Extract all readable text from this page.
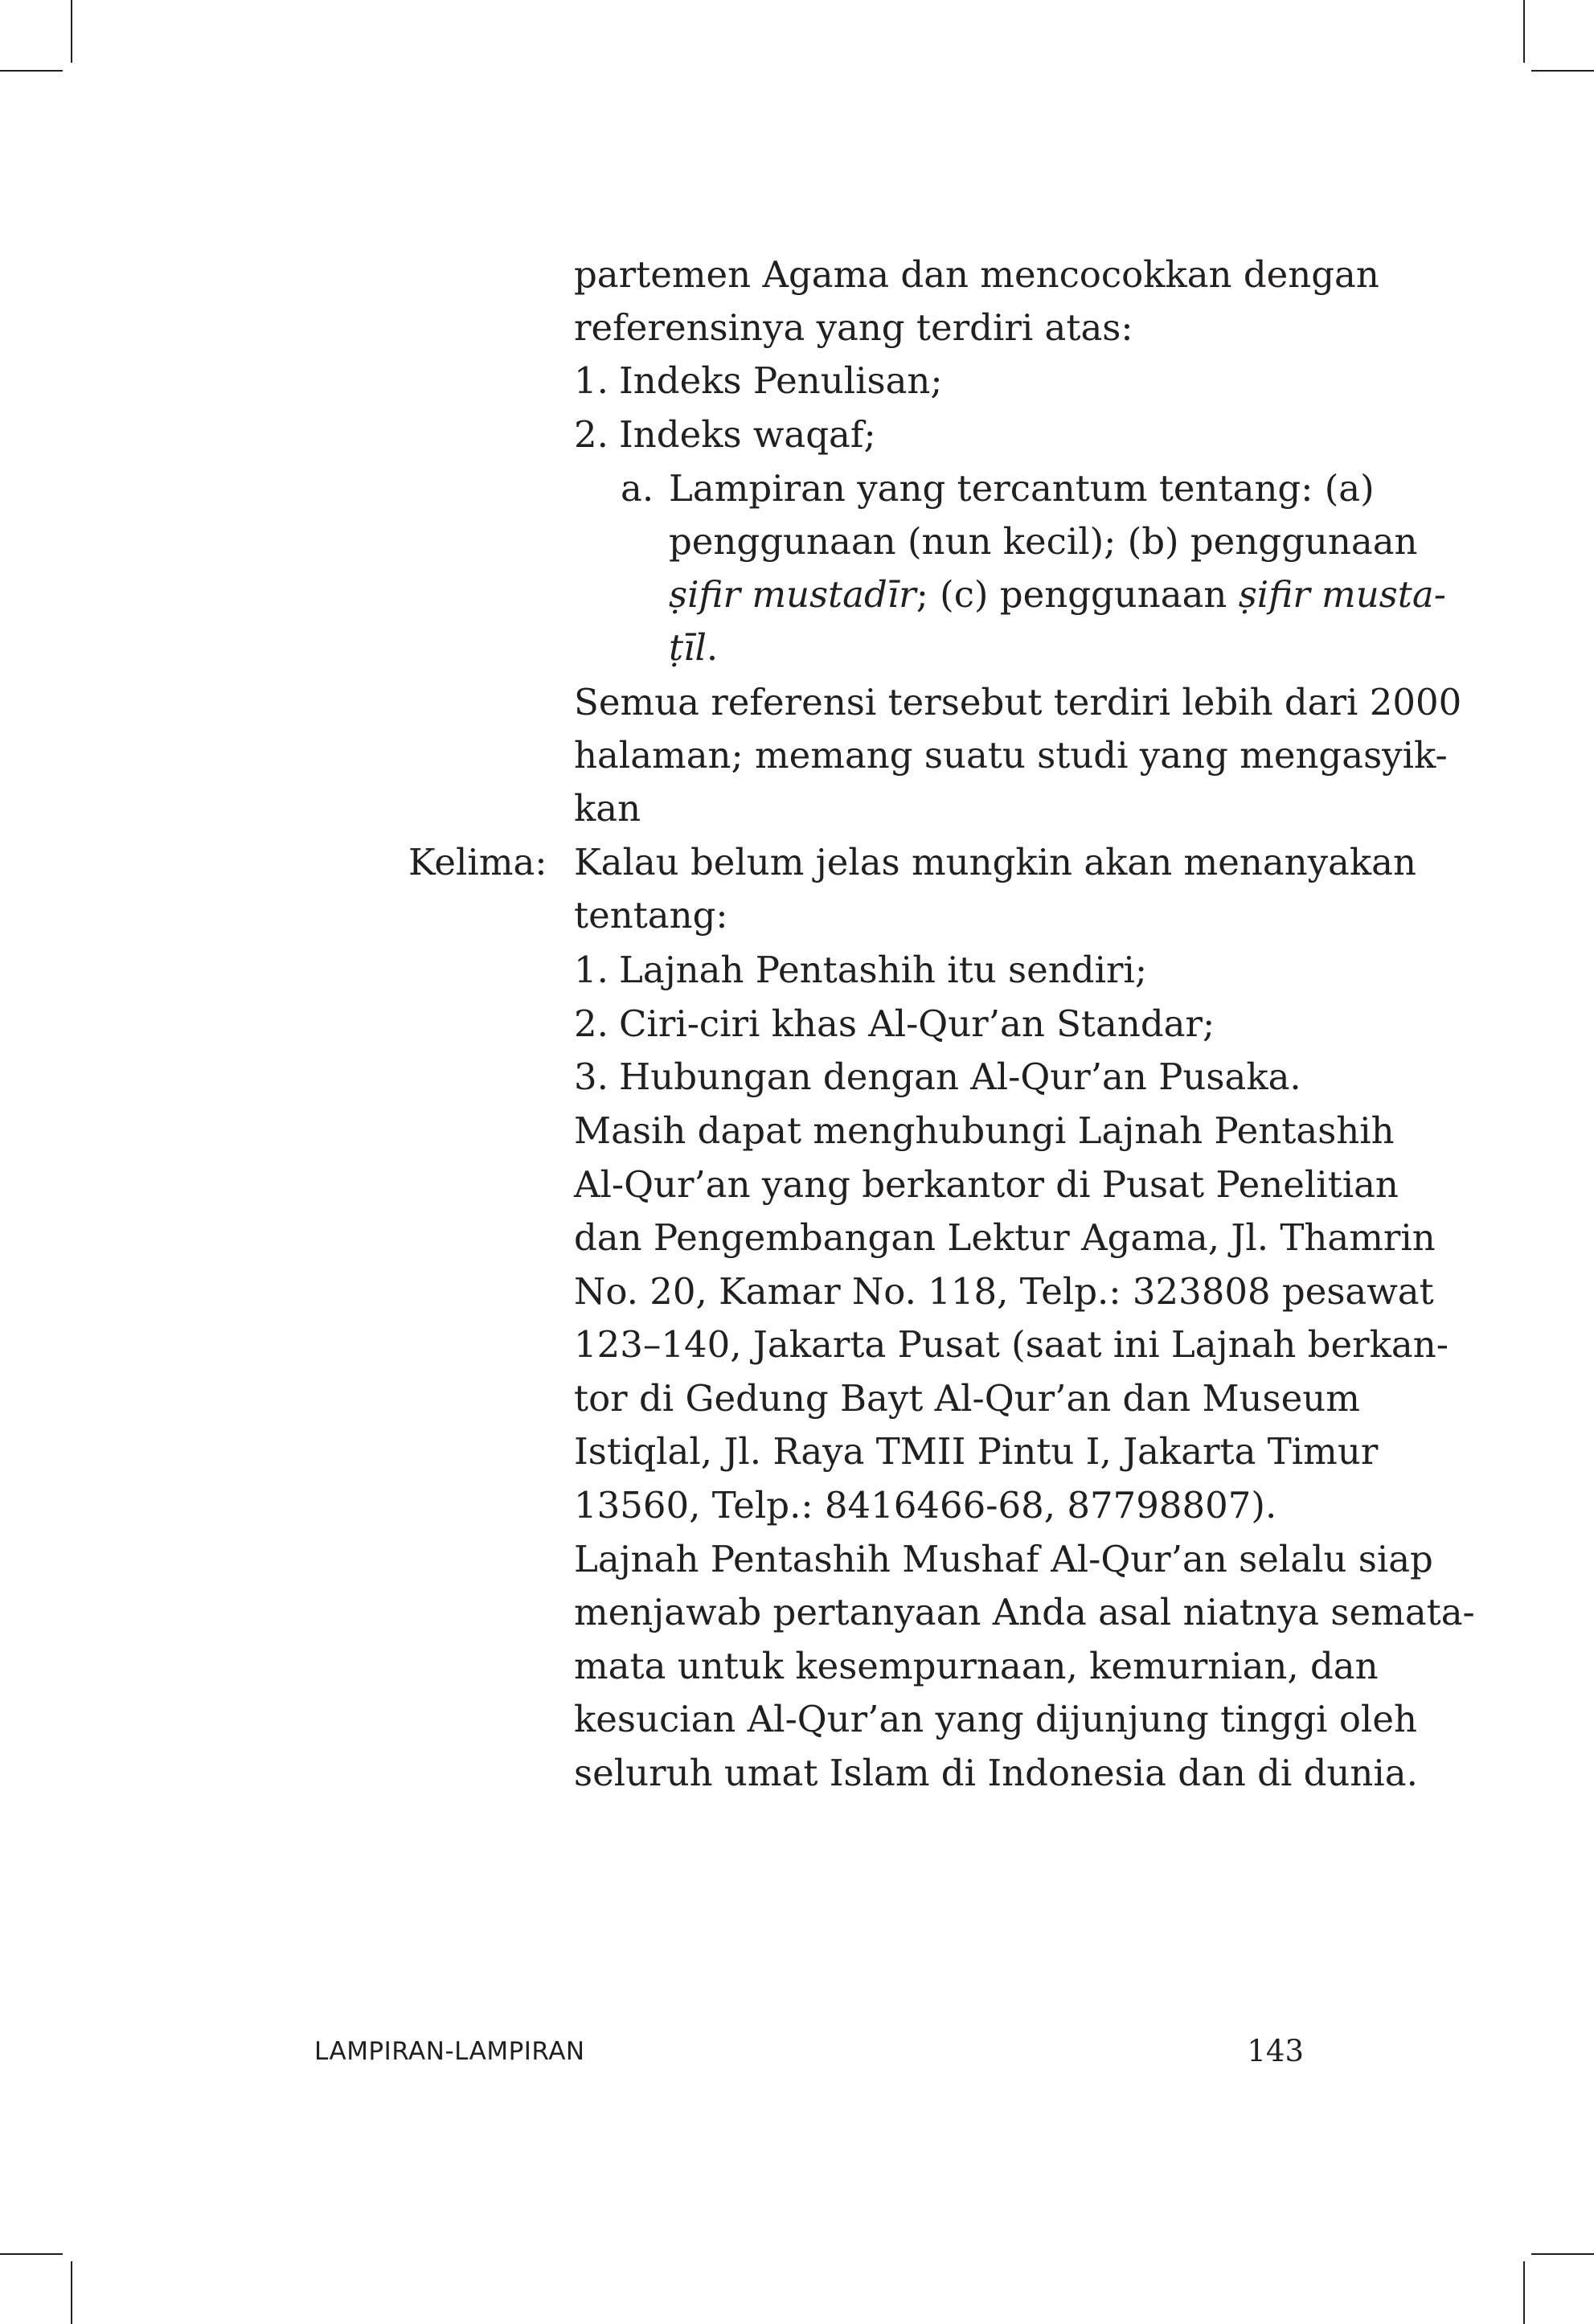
partemen Agama dan mencocokkan dengan
referensinya yang terdiri atas:
1. Indeks Penulisan;
2. Indeks waqaf;
a. Lampiran yang tercantum tentang: (a)
penggunaan (nun kecil); (b) penggunaan
ṣifir mustadīr; (c) penggunaan ṣifir musta-
ṭīl.
Semua referensi tersebut terdiri lebih dari 2000
halaman; memang suatu studi yang mengasyik-
kan
Kelima: Kalau belum jelas mungkin akan menanyakan
tentang:
1. Lajnah Pentashih itu sendiri;
2. Ciri-ciri khas Al-Qur’an Standar;
3. Hubungan dengan Al-Qur’an Pusaka.
Masih dapat menghubungi Lajnah Pentashih
Al-Qur’an yang berkantor di Pusat Penelitian
dan Pengembangan Lektur Agama, Jl. Thamrin
No. 20, Kamar No. 118, Telp.: 323808 pesawat
123–140, Jakarta Pusat (saat ini Lajnah berkan-
tor di Gedung Bayt Al-Qur’an dan Museum
Istiqlal, Jl. Raya TMII Pintu I, Jakarta Timur
13560, Telp.: 8416466-68, 87798807).
Lajnah Pentashih Mushaf Al-Qur’an selalu siap
menjawab pertanyaan Anda asal niatnya semata-
mata untuk kesempurnaan, kemurnian, dan
kesucian Al-Qur’an yang dijunjung tinggi oleh
seluruh umat Islam di Indonesia dan di dunia.
LAMPIRAN-LAMPIRAN	143
